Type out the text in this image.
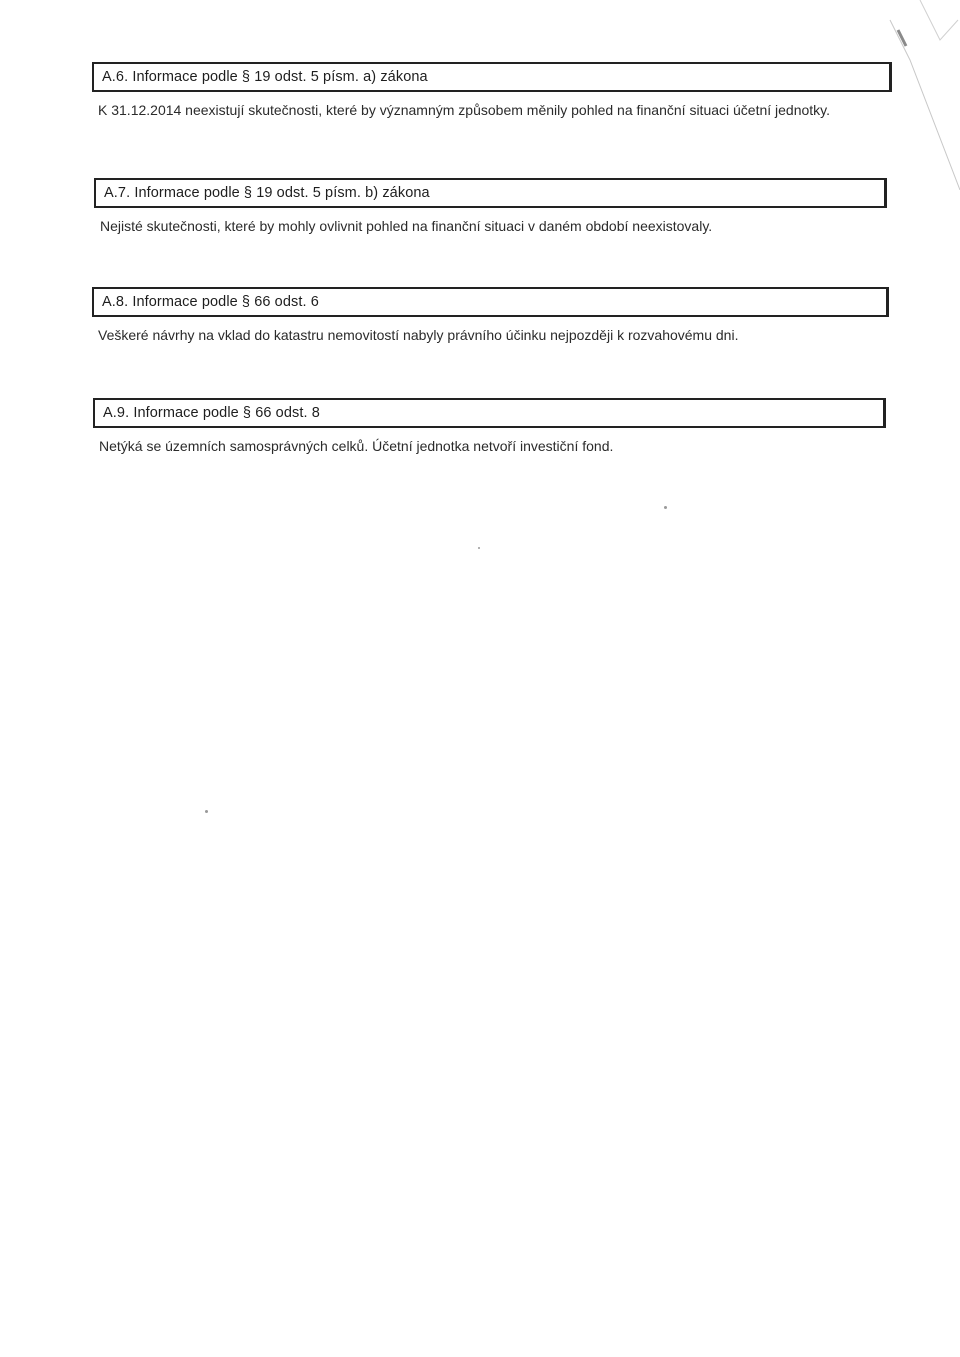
A.6. Informace podle § 19 odst. 5 písm. a) zákona

K 31.12.2014 neexistují skutečnosti, které by významným způsobem měnily pohled na finanční situaci účetní jednotky.

A.7. Informace podle § 19 odst. 5 písm. b) zákona

Nejisté skutečnosti, které by mohly ovlivnit pohled na finanční situaci v daném období neexistovaly.

A.8. Informace podle § 66 odst. 6

Veškeré návrhy na vklad do katastru nemovitostí nabyly právního účinku nejpozději k rozvahovému dni.

A.9. Informace podle § 66 odst. 8

Netýká se územních samosprávných celků. Účetní jednotka netvoří investiční fond.
